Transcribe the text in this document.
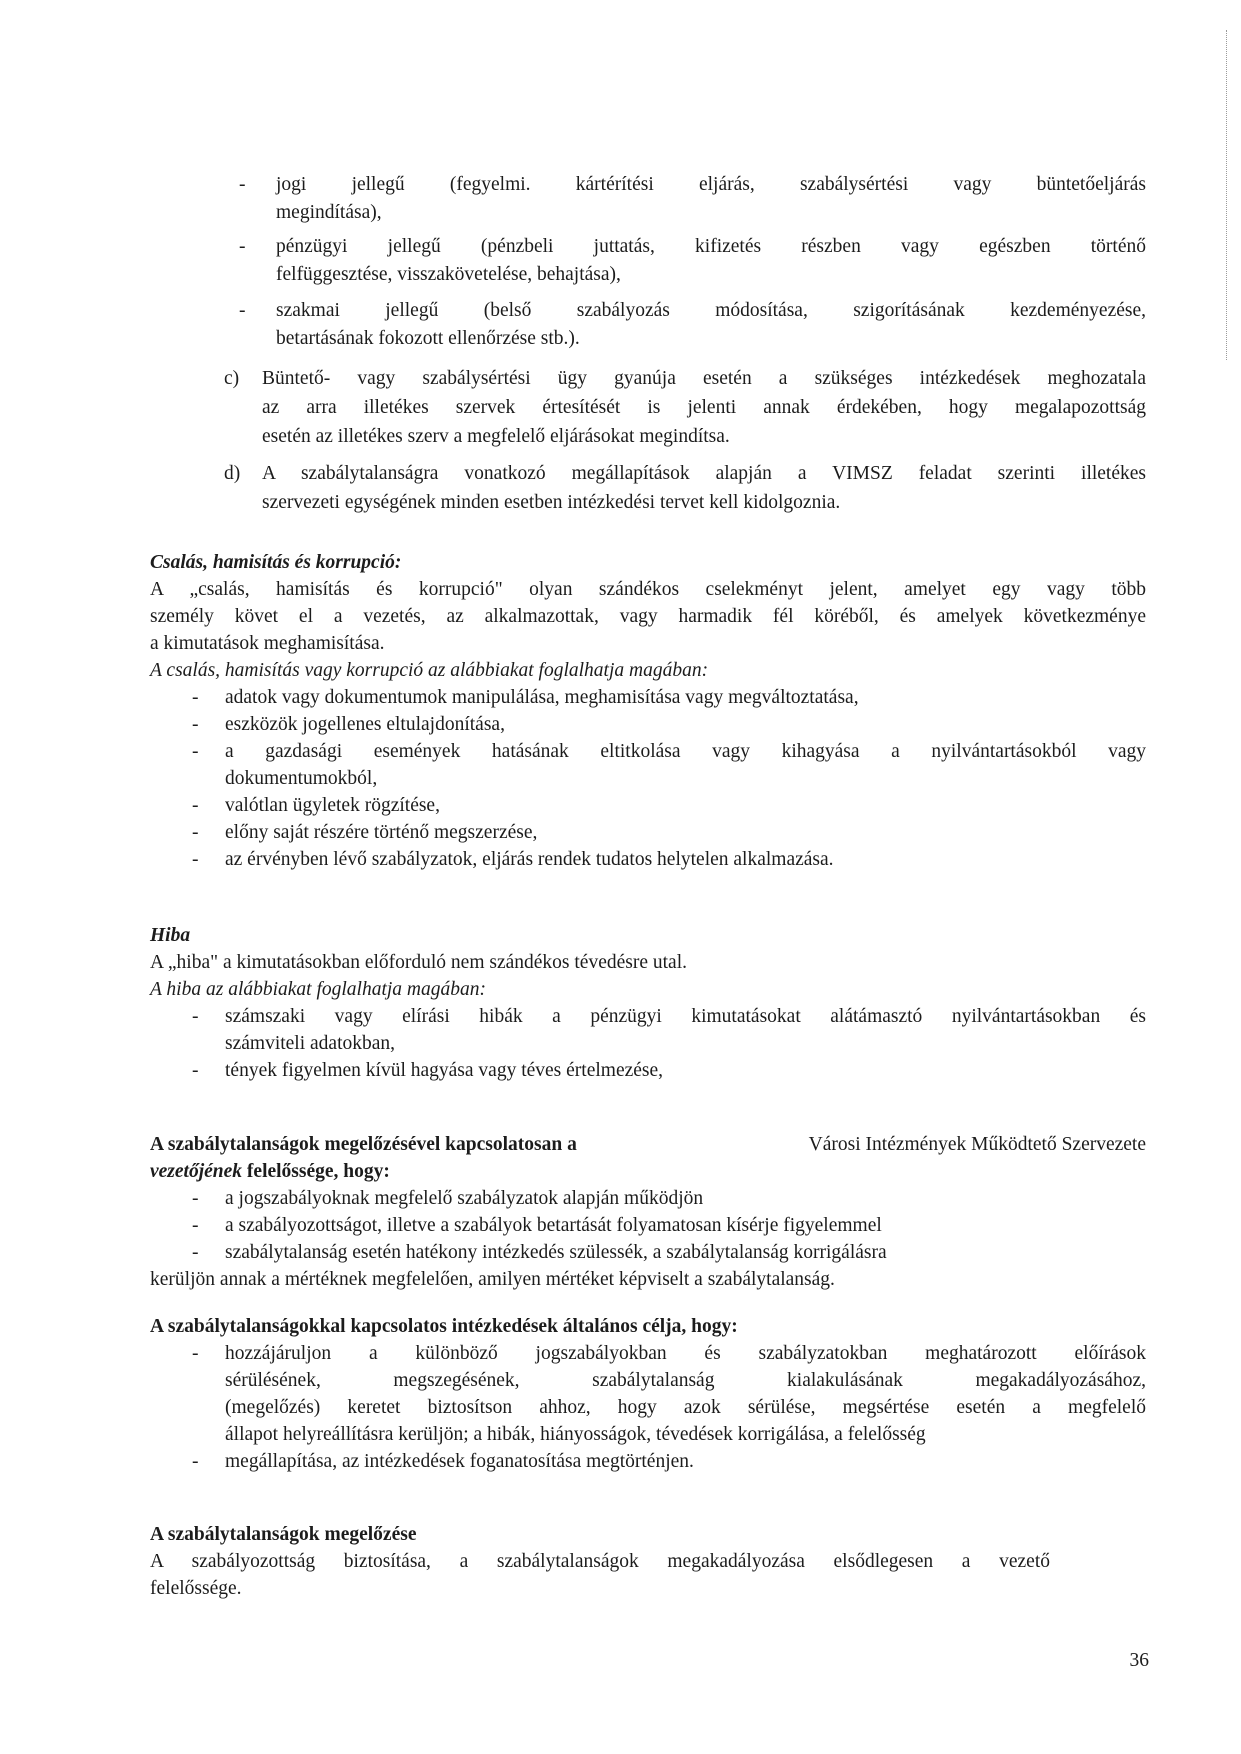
- jogi jellegű (fegyelmi. kártérítési eljárás, szabálysértési vagy büntetőeljárás
megindítása),
- pénzügyi jellegű (pénzbeli juttatás, kifizetés részben vagy egészben történő
felfüggesztése, visszakövetelése, behajtása),
- szakmai jellegű (belső szabályozás módosítása, szigorításának kezdeményezése,
betartásának fokozott ellenőrzése stb.).
c) Büntető- vagy szabálysértési ügy gyanúja esetén a szükséges intézkedések meghozatala
az arra illetékes szervek értesítését is jelenti annak érdekében, hogy megalapozottság
esetén az illetékes szerv a megfelelő eljárásokat megindítsa.
d) A szabálytalanságra vonatkozó megállapítások alapján a VIMSZ feladat szerinti illetékes
szervezeti egységének minden esetben intézkedési tervet kell kidolgoznia.
Csalás, hamisítás és korrupció:
A „csalás, hamisítás és korrupció" olyan szándékos cselekményt jelent, amelyet egy vagy több
személy követ el a vezetés, az alkalmazottak, vagy harmadik fél köréből, és amelyek következménye
a kimutatások meghamisítása.
A csalás, hamisítás vagy korrupció az alábbiakat foglalhatja magában:
- adatok vagy dokumentumok manipulálása, meghamisítása vagy megváltoztatása,
- eszközök jogellenes eltulajdonítása,
- a gazdasági események hatásának eltitkolása vagy kihagyása a nyilvántartásokból vagy
dokumentumokból,
- valótlan ügyletek rögzítése,
- előny saját részére történő megszerzése,
- az érvényben lévő szabályzatok, eljárás rendek tudatos helytelen alkalmazása.
Hiba
A „hiba" a kimutatásokban előforduló nem szándékos tévedésre utal.
A hiba az alábbiakat foglalhatja magában:
- számszaki vagy elírási hibák a pénzügyi kimutatásokat alátámasztó nyilvántartásokban és
számviteli adatokban,
- tények figyelmen kívül hagyása vagy téves értelmezése,
A szabálytalanságok megelőzésével kapcsolatosan a	Városi Intézmények Működtető Szervezete
vezetőjének felelőssége, hogy:
- a jogszabályoknak megfelelő szabályzatok alapján működjön
- a szabályozottságot, illetve a szabályok betartását folyamatosan kísérje figyelemmel
- szabálytalanság esetén hatékony intézkedés szülessék, a szabálytalanság korrigálásra
kerüljön annak a mértéknek megfelelően, amilyen mértéket képviselt a szabálytalanság.
A szabálytalanságokkal kapcsolatos intézkedések általános célja, hogy:
- hozzájáruljon a különböző jogszabályokban és szabályzatokban meghatározott előírások
sérülésének, megszegésének, szabálytalanság kialakulásának megakadályozásához,
(megelőzés) keretet biztosítson ahhoz, hogy azok sérülése, megsértése esetén a megfelelő
állapot helyreállításra kerüljön; a hibák, hiányosságok, tévedések korrigálása, a felelősség
- megállapítása, az intézkedések foganatosítása megtörténjen.
A szabálytalanságok megelőzése
A szabályozottság biztosítása, a szabálytalanságok megakadályozása elsődlegesen a vezető
felelőssége.
36
